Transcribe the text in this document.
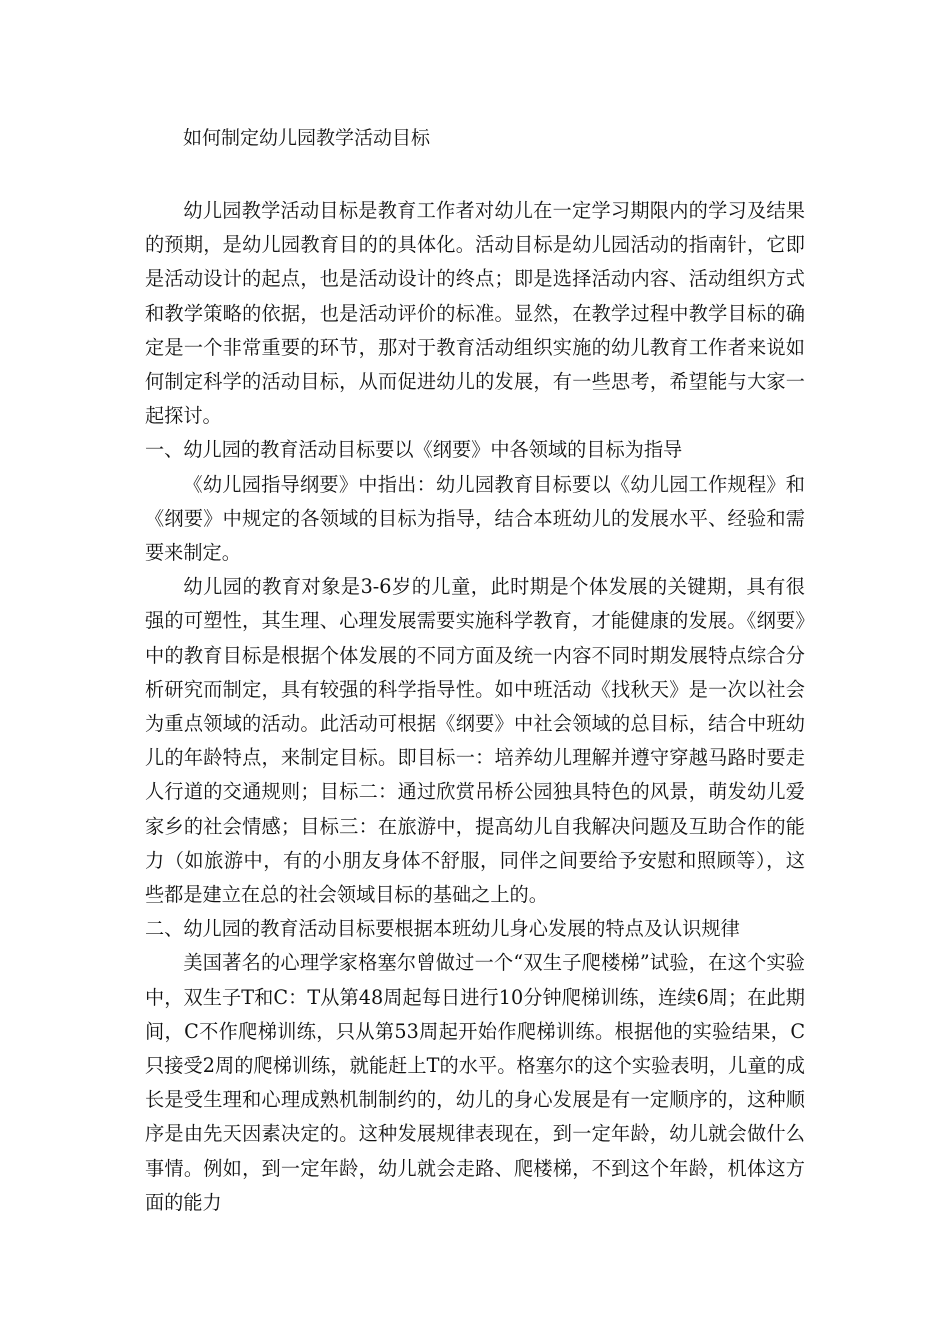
如何制定幼儿园教学活动目标

幼儿园教学活动目标是教育工作者对幼儿在一定学习期限内的学习及结果的预期，是幼儿园教育目的的具体化。活动目标是幼儿园活动的指南针，它即是活动设计的起点，也是活动设计的终点；即是选择活动内容、活动组织方式和教学策略的依据，也是活动评价的标准。显然，在教学过程中教学目标的确定是一个非常重要的环节，那对于教育活动组织实施的幼儿教育工作者来说如何制定科学的活动目标，从而促进幼儿的发展，有一些思考，希望能与大家一起探讨。

一、幼儿园的教育活动目标要以《纲要》中各领域的目标为指导

《幼儿园指导纲要》中指出：幼儿园教育目标要以《幼儿园工作规程》和《纲要》中规定的各领域的目标为指导，结合本班幼儿的发展水平、经验和需要来制定。

幼儿园的教育对象是3-6岁的儿童，此时期是个体发展的关键期，具有很强的可塑性，其生理、心理发展需要实施科学教育，才能健康的发展。《纲要》中的教育目标是根据个体发展的不同方面及统一内容不同时期发展特点综合分析研究而制定，具有较强的科学指导性。如中班活动《找秋天》是一次以社会为重点领域的活动。此活动可根据《纲要》中社会领域的总目标，结合中班幼儿的年龄特点，来制定目标。即目标一：培养幼儿理解并遵守穿越马路时要走人行道的交通规则；目标二：通过欣赏吊桥公园独具特色的风景，萌发幼儿爱家乡的社会情感；目标三：在旅游中，提高幼儿自我解决问题及互助合作的能力（如旅游中，有的小朋友身体不舒服，同伴之间要给予安慰和照顾等），这些都是建立在总的社会领域目标的基础之上的。

二、幼儿园的教育活动目标要根据本班幼儿身心发展的特点及认识规律

美国著名的心理学家格塞尔曾做过一个“双生子爬楼梯”试验，在这个实验中，双生子T和C：T从第48周起每日进行10分钟爬梯训练，连续6周；在此期间，C不作爬梯训练，只从第53周起开始作爬梯训练。根据他的实验结果，C只接受2周的爬梯训练，就能赶上T的水平。格塞尔的这个实验表明，儿童的成长是受生理和心理成熟机制制约的，幼儿的身心发展是有一定顺序的，这种顺序是由先天因素决定的。这种发展规律表现在，到一定年龄，幼儿就会做什么事情。例如，到一定年龄，幼儿就会走路、爬楼梯，不到这个年龄，机体这方面的能力
